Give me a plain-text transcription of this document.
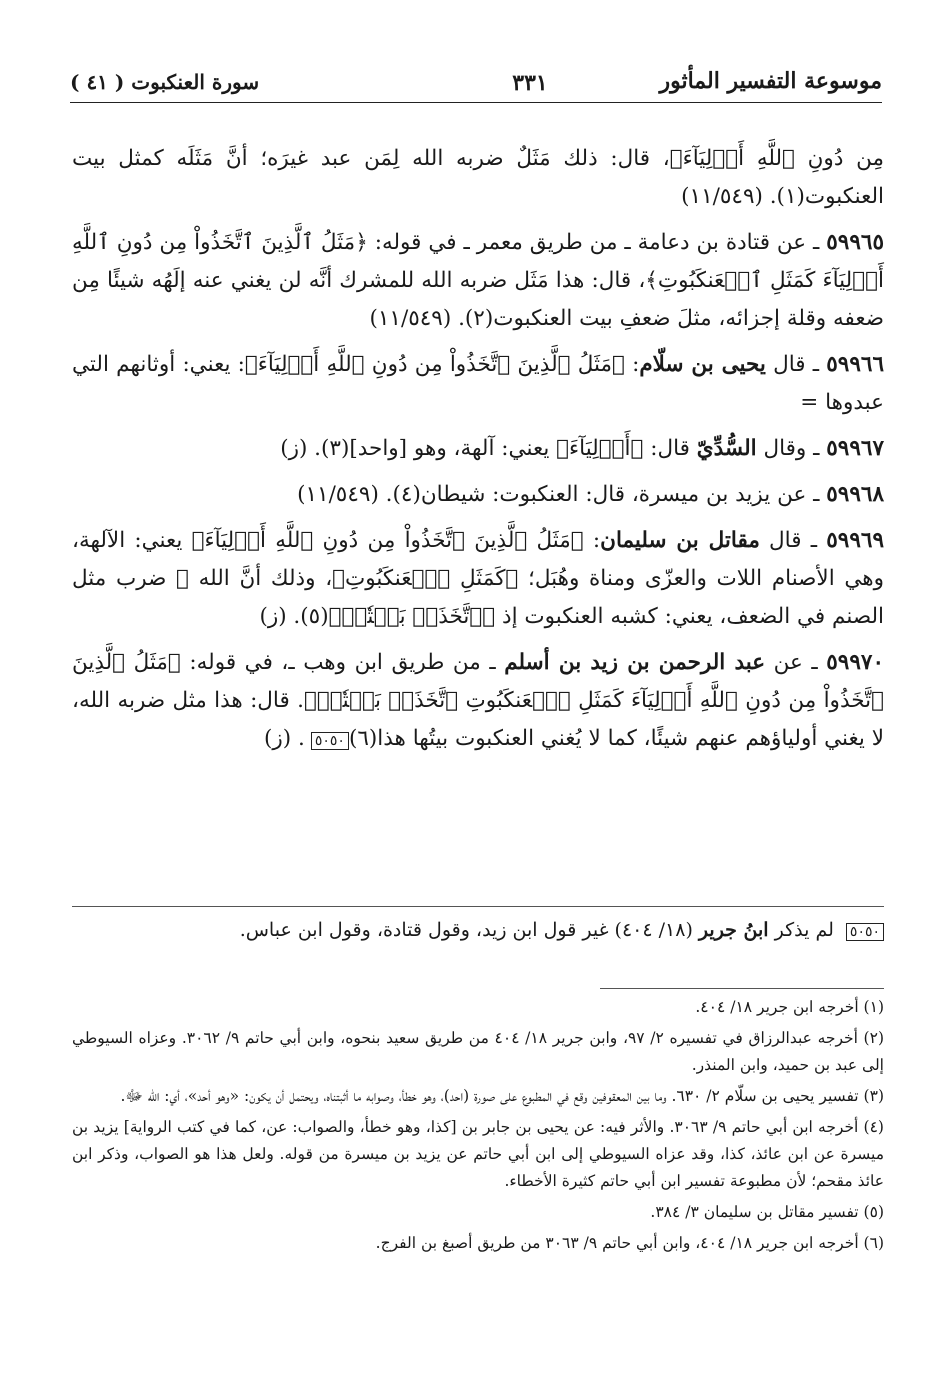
موسوعة التفسير المأثور
٣٣١
سورة العنكبوت ( ٤١ )

مِن دُونِ ٱللَّهِ أَوۡلِيَآءَ﴾، قال: ذلك مَثَلٌ ضربه الله لِمَن عبد غيرَه؛ أنَّ مَثَلَه كمثل بيت العنكبوت(١). (١١/٥٤٩)

٥٩٩٦٥ ـ عن قتادة بن دعامة ـ من طريق معمر ـ في قوله: ﴿مَثَلُ ٱلَّذِينَ ٱتَّخَذُواْ مِن دُونِ ٱللَّهِ أَوۡلِيَآءَ كَمَثَلِ ٱلۡعَنكَبُوتِ﴾، قال: هذا مَثَل ضربه الله للمشرك أنَّه لن يغني عنه إلَهُه شيئًا مِن ضعفه وقلة إجزائه، مثلَ ضعفِ بيت العنكبوت(٢). (١١/٥٤٩)

٥٩٩٦٦ ـ قال يحيى بن سلّام: ﴿مَثَلُ ٱلَّذِينَ ٱتَّخَذُواْ مِن دُونِ ٱللَّهِ أَوۡلِيَآءَ﴾: يعني: أوثانهم التي عبدوها =

٥٩٩٦٧ ـ وقال السُّدِّيّ قال: ﴿أَوۡلِيَآءَ﴾ يعني: آلهة، وهو [واحد](٣). (ز)

٥٩٩٦٨ ـ عن يزيد بن ميسرة، قال: العنكبوت: شيطان(٤). (١١/٥٤٩)

٥٩٩٦٩ ـ قال مقاتل بن سليمان: ﴿مَثَلُ ٱلَّذِينَ ٱتَّخَذُواْ مِن دُونِ ٱللَّهِ أَوۡلِيَآءَ﴾ يعني: الآلهة، وهي الأصنام اللات والعزّى ومناة وهُبَل؛ ﴿كَمَثَلِ ٱلۡعَنكَبُوتِ﴾، وذلك أنَّ الله ﷻ ضرب مثل الصنم في الضعف، يعني: كشبه العنكبوت إذ ﴿ٱتَّخَذَتۡ بَيۡتٗاۖ﴾(٥). (ز)

٥٩٩٧٠ ـ عن عبد الرحمن بن زيد بن أسلم ـ من طريق ابن وهب ـ، في قوله: ﴿مَثَلُ ٱلَّذِينَ ٱتَّخَذُواْ مِن دُونِ ٱللَّهِ أَوۡلِيَآءَ كَمَثَلِ ٱلۡعَنكَبُوتِ ٱتَّخَذَتۡ بَيۡتٗاۖ﴾. قال: هذا مثل ضربه الله، لا يغني أولياؤهم عنهم شيئًا، كما لا يُغني العنكبوت بيتُها هذا(٦)٥٠٥٠. (ز)

٥٠٥٠ لم يذكر ابنُ جرير (١٨/ ٤٠٤) غير قول ابن زيد، وقول قتادة، وقول ابن عباس.

(١) أخرجه ابن جرير ١٨/ ٤٠٤.

(٢) أخرجه عبدالرزاق في تفسيره ٢/ ٩٧، وابن جرير ١٨/ ٤٠٤ من طريق سعيد بنحوه، وابن أبي حاتم ٩/ ٣٠٦٢. وعزاه السيوطي إلى عبد بن حميد، وابن المنذر.

(٣) تفسير يحيى بن سلّام ٢/ ٦٣٠. وما بين المعقوفين وقع في المطبوع على صورة (احد)، وهو خطأ، وصوابه ما أثبتناه، ويحتمل أن يكون: «وهو أحد»، أي: الله ﷻ.

(٤) أخرجه ابن أبي حاتم ٩/ ٣٠٦٣. والأثر فيه: عن يحيى بن جابر بن [كذا، وهو خطأ، والصواب: عن، كما في كتب الرواية] يزيد بن ميسرة عن ابن عائذ، كذا، وقد عزاه السيوطي إلى ابن أبي حاتم عن يزيد بن ميسرة من قوله. ولعل هذا هو الصواب، وذكر ابن عائذ مقحم؛ لأن مطبوعة تفسير ابن أبي حاتم كثيرة الأخطاء.

(٥) تفسير مقاتل بن سليمان ٣/ ٣٨٤.

(٦) أخرجه ابن جرير ١٨/ ٤٠٤، وابن أبي حاتم ٩/ ٣٠٦٣ من طريق أصبغ بن الفرج.
